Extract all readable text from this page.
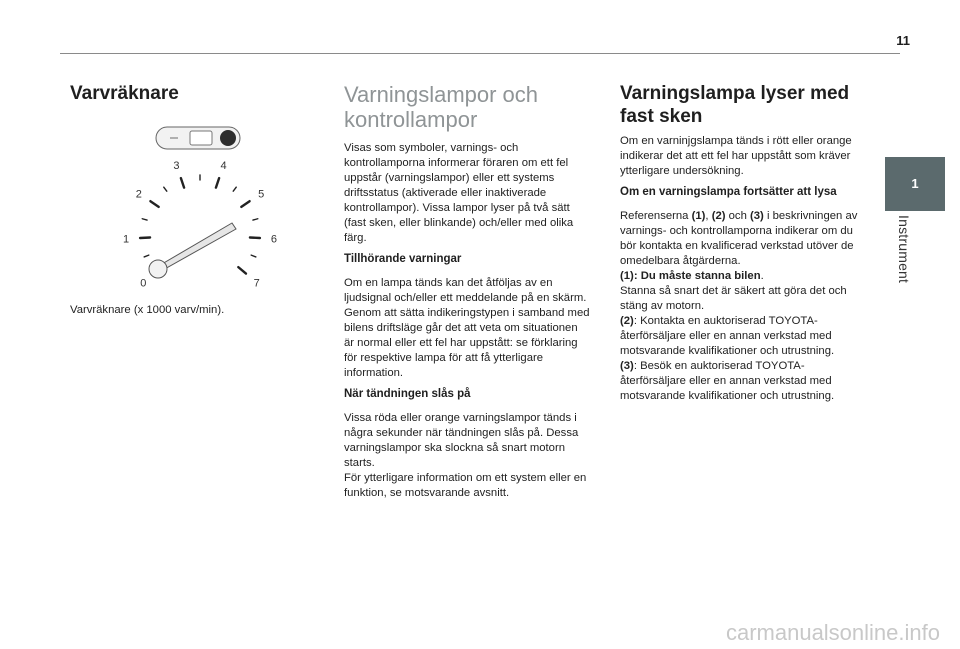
11
1
Instrument
Varvräknare
0
1
2
3	4
5
6
7
Varvräknare (x 1000 varv/min).
Varningslampor och
kontrollampor

Visas som symboler, varnings- och
kontrollamporna informerar föraren om ett fel
uppstår (varningslampor) eller ett systems
driftsstatus (aktiverade eller inaktiverade
kontrollampor). Vissa lampor lyser på två sätt
(fast sken, eller blinkande) och/eller med olika
färg.

Tillhörande varningar

Om en lampa tänds kan det åtföljas av en
ljudsignal och/eller ett meddelande på en skärm.
Genom att sätta indikeringstypen i samband med
bilens driftsläge går det att veta om situationen
är normal eller ett fel har uppstått: se förklaring
för respektive lampa för att få ytterligare
information.

När tändningen slås på

Vissa röda eller orange varningslampor tänds i
några sekunder när tändningen slås på. Dessa
varningslampor ska slockna så snart motorn
starts.
För ytterligare information om ett system eller en
funktion, se motsvarande avsnitt.

Varningslampa lyser med
fast sken

Om en varninjgslampa tänds i rött eller orange
indikerar det att ett fel har uppstått som kräver
ytterligare undersökning.

Om en varningslampa fortsätter att lysa

Referenserna (1), (2) och (3) i beskrivningen av
varnings- och kontrollamporna indikerar om du
bör kontakta en kvalificerad verkstad utöver de
omedelbara åtgärderna.
(1): Du måste stanna bilen.
Stanna så snart det är säkert att göra det och
stäng av motorn.
(2): Kontakta en auktoriserad TOYOTA-
återförsäljare eller en annan verkstad med
motsvarande kvalifikationer och utrustning.
(3): Besök en auktoriserad TOYOTA-
återförsäljare eller en annan verkstad med
motsvarande kvalifikationer och utrustning.

carmanualsonline.info
